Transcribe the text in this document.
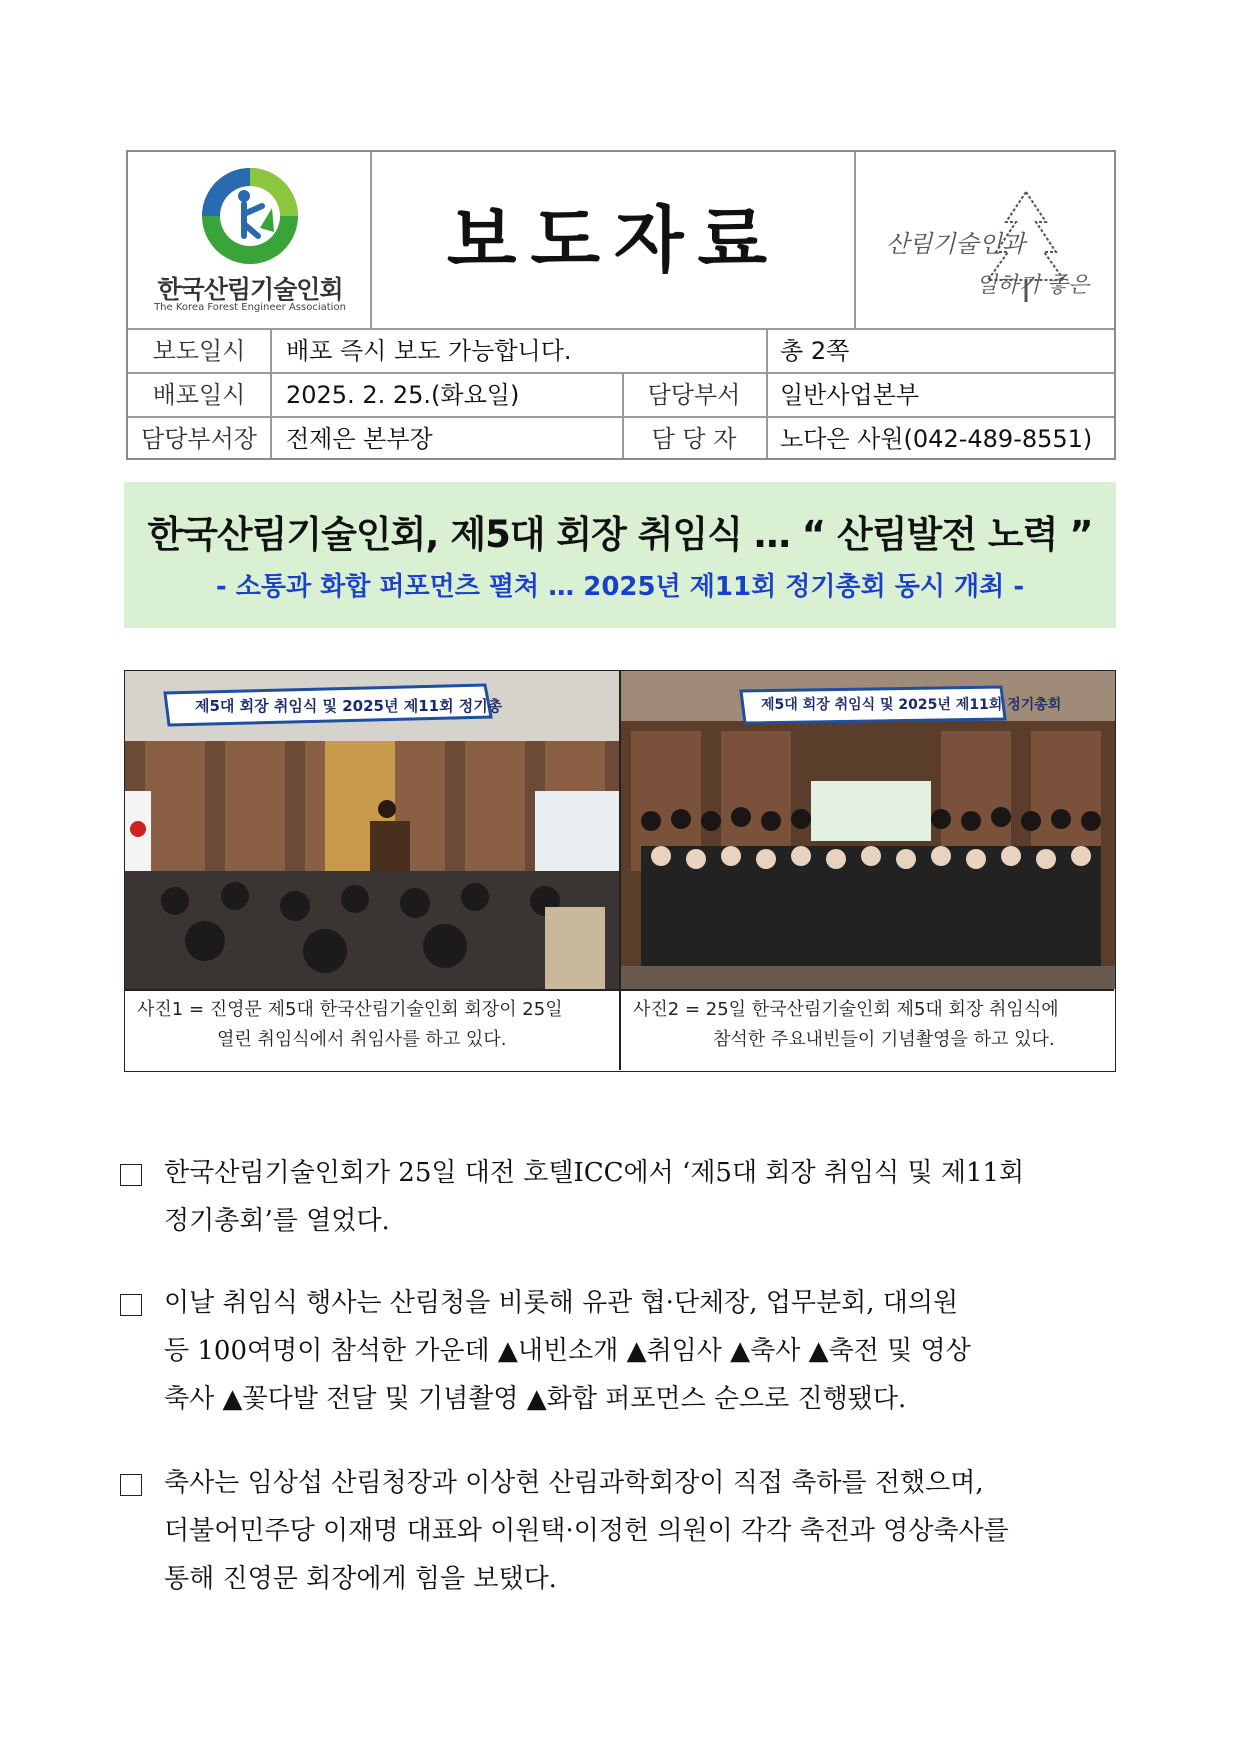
한국산림기술인회
The Korea Forest Engineer Association
보도자료	산림기술인과
일하기 좋은
보도일시	배포 즉시 보도 가능합니다.	총 2쪽
배포일시	2025. 2. 25.(화요일)	담당부서	일반사업본부
담당부서장	전제은 본부장	담 당 자	노다은 사원(042-489-8551)
한국산림기술인회, 제5대 회장 취임식 … “ 산림발전 노력 ”
- 소통과 화합 퍼포먼츠 펼쳐 … 2025년 제11회 정기총회 동시 개최 -
제5대 회장 취임식 및 2025년 제11회 정기총	제5대 회장 취임식 및 2025년 제11회 정기총회
사진1 = 진영문 제5대 한국산림기술인회 회장이 25일
열린 취임식에서 취임사를 하고 있다.
사진2 = 25일 한국산림기술인회 제5대 회장 취임식에
참석한 주요내빈들이 기념촬영을 하고 있다.
한국산림기술인회가 25일 대전 호텔ICC에서 ‘제5대 회장 취임식 및 제11회
정기총회’를 열었다.
이날 취임식 행사는 산림청을 비롯해 유관 협·단체장, 업무분회, 대의원
등 100여명이 참석한 가운데 ▲내빈소개 ▲취임사 ▲축사 ▲축전 및 영상
축사 ▲꽃다발 전달 및 기념촬영 ▲화합 퍼포먼스 순으로 진행됐다.
축사는 임상섭 산림청장과 이상현 산림과학회장이 직접 축하를 전했으며,
더불어민주당 이재명 대표와 이원택·이정헌 의원이 각각 축전과 영상축사를
통해 진영문 회장에게 힘을 보탰다.
